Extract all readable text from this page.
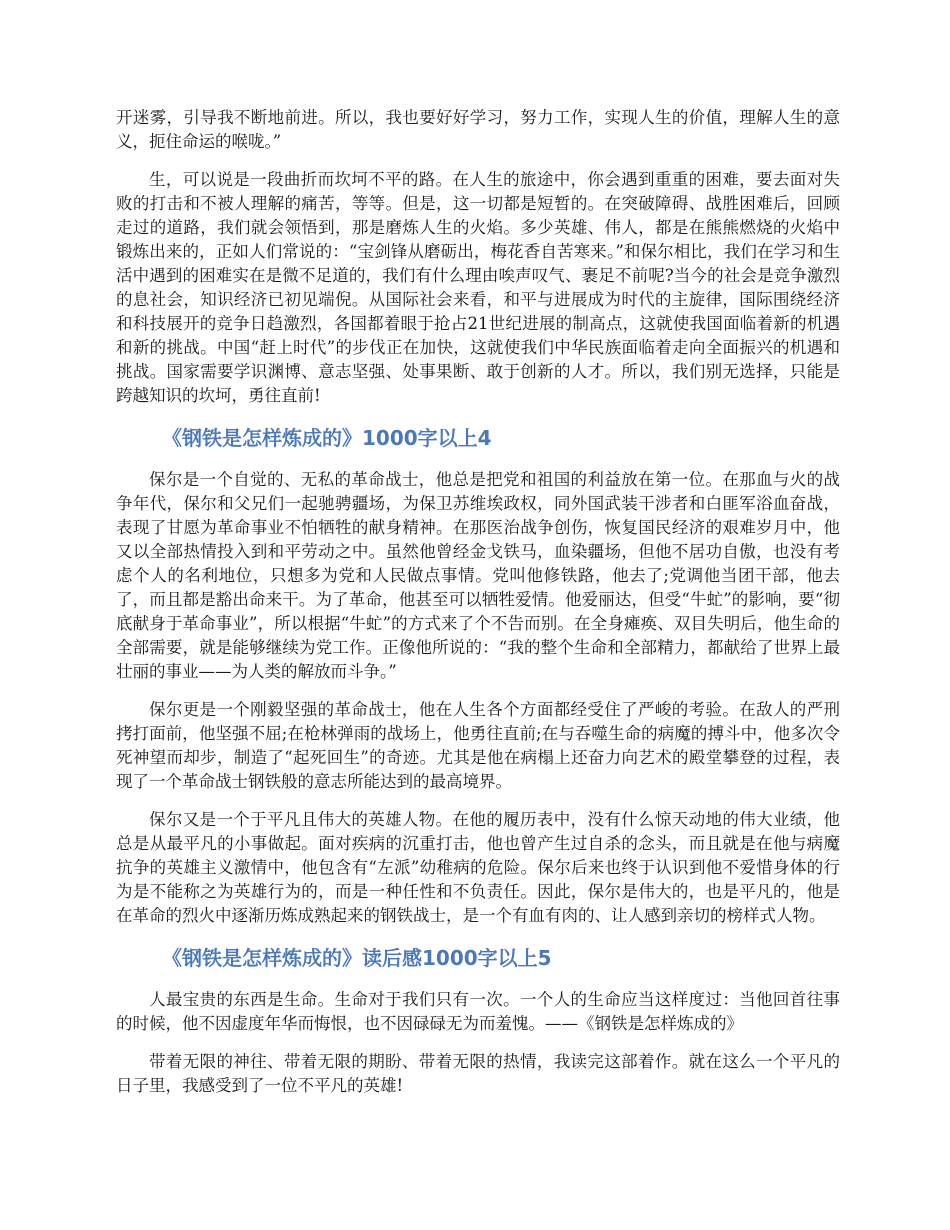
开迷雾，引导我不断地前进。所以，我也要好好学习，努力工作，实现人生的价值，理解人生的意义，扼住命运的喉咙。”

生，可以说是一段曲折而坎坷不平的路。在人生的旅途中，你会遇到重重的困难，要去面对失败的打击和不被人理解的痛苦，等等。但是，这一切都是短暂的。在突破障碍、战胜困难后，回顾走过的道路，我们就会领悟到，那是磨炼人生的火焰。多少英雄、伟人，都是在熊熊燃烧的火焰中锻炼出来的，正如人们常说的：“宝剑锋从磨砺出，梅花香自苦寒来。”和保尔相比，我们在学习和生活中遇到的困难实在是微不足道的，我们有什么理由唉声叹气、裹足不前呢?当今的社会是竞争激烈的息社会，知识经济已初见端倪。从国际社会来看，和平与进展成为时代的主旋律，国际围绕经济和科技展开的竞争日趋激烈，各国都着眼于抢占21世纪进展的制高点，这就使我国面临着新的机遇和新的挑战。中国“赶上时代”的步伐正在加快，这就使我们中华民族面临着走向全面振兴的机遇和挑战。国家需要学识渊博、意志坚强、处事果断、敢于创新的人才。所以，我们别无选择，只能是跨越知识的坎坷，勇往直前!

《钢铁是怎样炼成的》1000字以上4

保尔是一个自觉的、无私的革命战士，他总是把党和祖国的利益放在第一位。在那血与火的战争年代，保尔和父兄们一起驰骋疆场，为保卫苏维埃政权，同外国武装干涉者和白匪军浴血奋战，表现了甘愿为革命事业不怕牺牲的献身精神。在那医治战争创伤，恢复国民经济的艰难岁月中，他又以全部热情投入到和平劳动之中。虽然他曾经金戈铁马，血染疆场，但他不居功自傲，也没有考虑个人的名利地位，只想多为党和人民做点事情。党叫他修铁路，他去了;党调他当团干部，他去了，而且都是豁出命来干。为了革命，他甚至可以牺牲爱情。他爱丽达，但受“牛虻”的影响，要“彻底献身于革命事业”，所以根据“牛虻”的方式来了个不告而别。在全身瘫痪、双目失明后，他生命的全部需要，就是能够继续为党工作。正像他所说的：“我的整个生命和全部精力，都献给了世界上最壮丽的事业——为人类的解放而斗争。”

保尔更是一个刚毅坚强的革命战士，他在人生各个方面都经受住了严峻的考验。在敌人的严刑拷打面前，他坚强不屈;在枪林弹雨的战场上，他勇往直前;在与吞噬生命的病魔的搏斗中，他多次令死神望而却步，制造了“起死回生”的奇迹。尤其是他在病榻上还奋力向艺术的殿堂攀登的过程，表现了一个革命战士钢铁般的意志所能达到的最高境界。

保尔又是一个于平凡且伟大的英雄人物。在他的履历表中，没有什么惊天动地的伟大业绩，他总是从最平凡的小事做起。面对疾病的沉重打击，他也曾产生过自杀的念头，而且就是在他与病魔抗争的英雄主义激情中，他包含有“左派”幼稚病的危险。保尔后来也终于认识到他不爱惜身体的行为是不能称之为英雄行为的，而是一种任性和不负责任。因此，保尔是伟大的，也是平凡的，他是在革命的烈火中逐渐历炼成熟起来的钢铁战士，是一个有血有肉的、让人感到亲切的榜样式人物。

《钢铁是怎样炼成的》读后感1000字以上5

人最宝贵的东西是生命。生命对于我们只有一次。一个人的生命应当这样度过：当他回首往事的时候，他不因虚度年华而悔恨，也不因碌碌无为而羞愧。——《钢铁是怎样炼成的》

带着无限的神往、带着无限的期盼、带着无限的热情，我读完这部着作。就在这么一个平凡的日子里，我感受到了一位不平凡的英雄!
